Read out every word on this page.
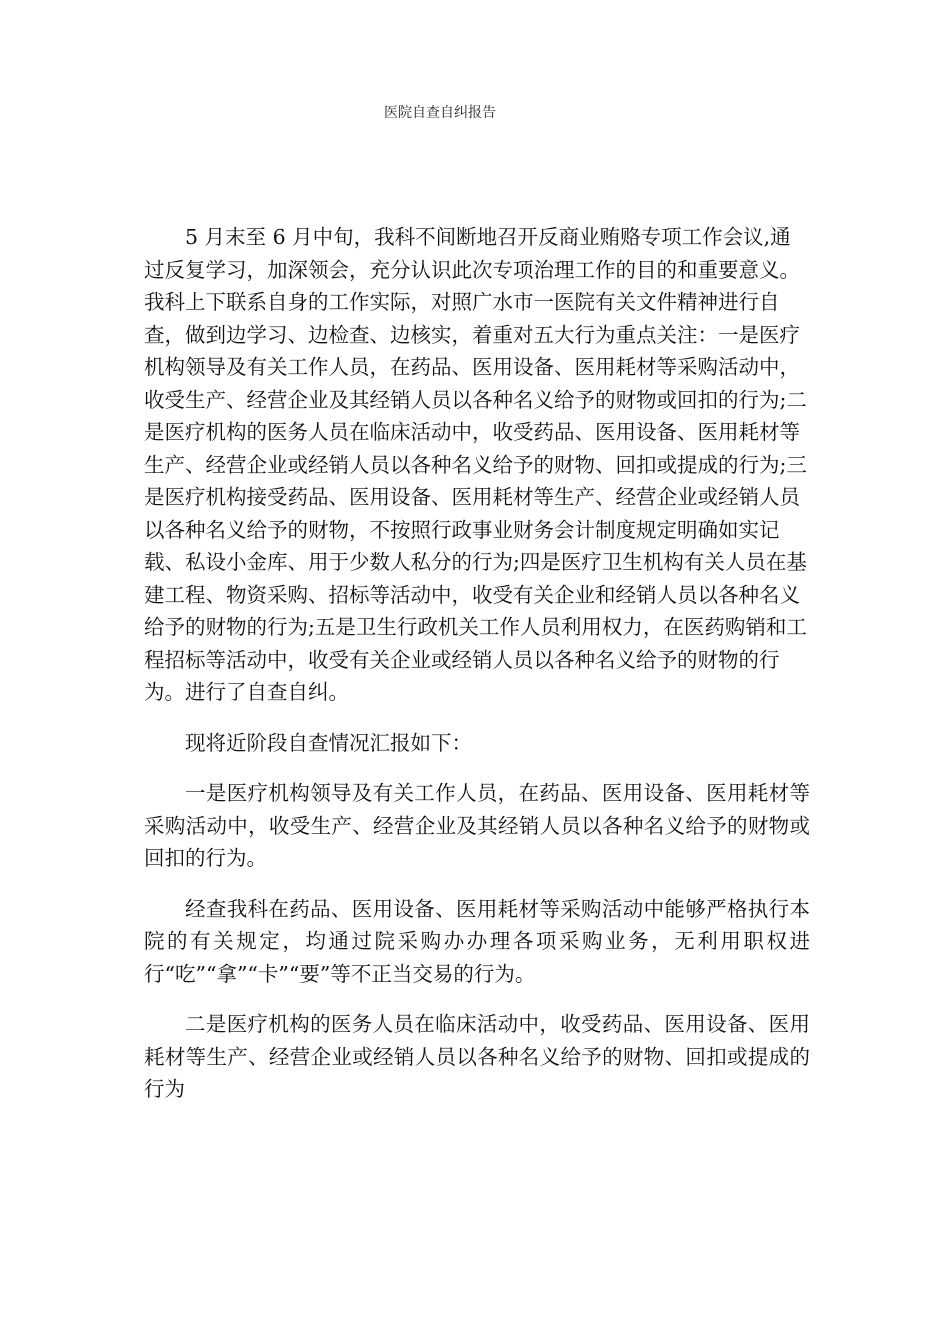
医院自查自纠报告

5 月末至 6 月中旬，我科不间断地召开反商业贿赂专项工作会议,通过反复学习，加深领会，充分认识此次专项治理工作的目的和重要意义。我科上下联系自身的工作实际，对照广水市一医院有关文件精神进行自查，做到边学习、边检查、边核实，着重对五大行为重点关注：一是医疗机构领导及有关工作人员，在药品、医用设备、医用耗材等采购活动中，收受生产、经营企业及其经销人员以各种名义给予的财物或回扣的行为;二是医疗机构的医务人员在临床活动中，收受药品、医用设备、医用耗材等生产、经营企业或经销人员以各种名义给予的财物、回扣或提成的行为;三是医疗机构接受药品、医用设备、医用耗材等生产、经营企业或经销人员以各种名义给予的财物，不按照行政事业财务会计制度规定明确如实记载、私设小金库、用于少数人私分的行为;四是医疗卫生机构有关人员在基建工程、物资采购、招标等活动中，收受有关企业和经销人员以各种名义给予的财物的行为;五是卫生行政机关工作人员利用权力，在医药购销和工程招标等活动中，收受有关企业或经销人员以各种名义给予的财物的行为。进行了自查自纠。

现将近阶段自查情况汇报如下：

一是医疗机构领导及有关工作人员，在药品、医用设备、医用耗材等采购活动中，收受生产、经营企业及其经销人员以各种名义给予的财物或回扣的行为。

经查我科在药品、医用设备、医用耗材等采购活动中能够严格执行本院的有关规定，均通过院采购办办理各项采购业务，无利用职权进行“吃”“拿”“卡”“要”等不正当交易的行为。

二是医疗机构的医务人员在临床活动中，收受药品、医用设备、医用耗材等生产、经营企业或经销人员以各种名义给予的财物、回扣或提成的行为
